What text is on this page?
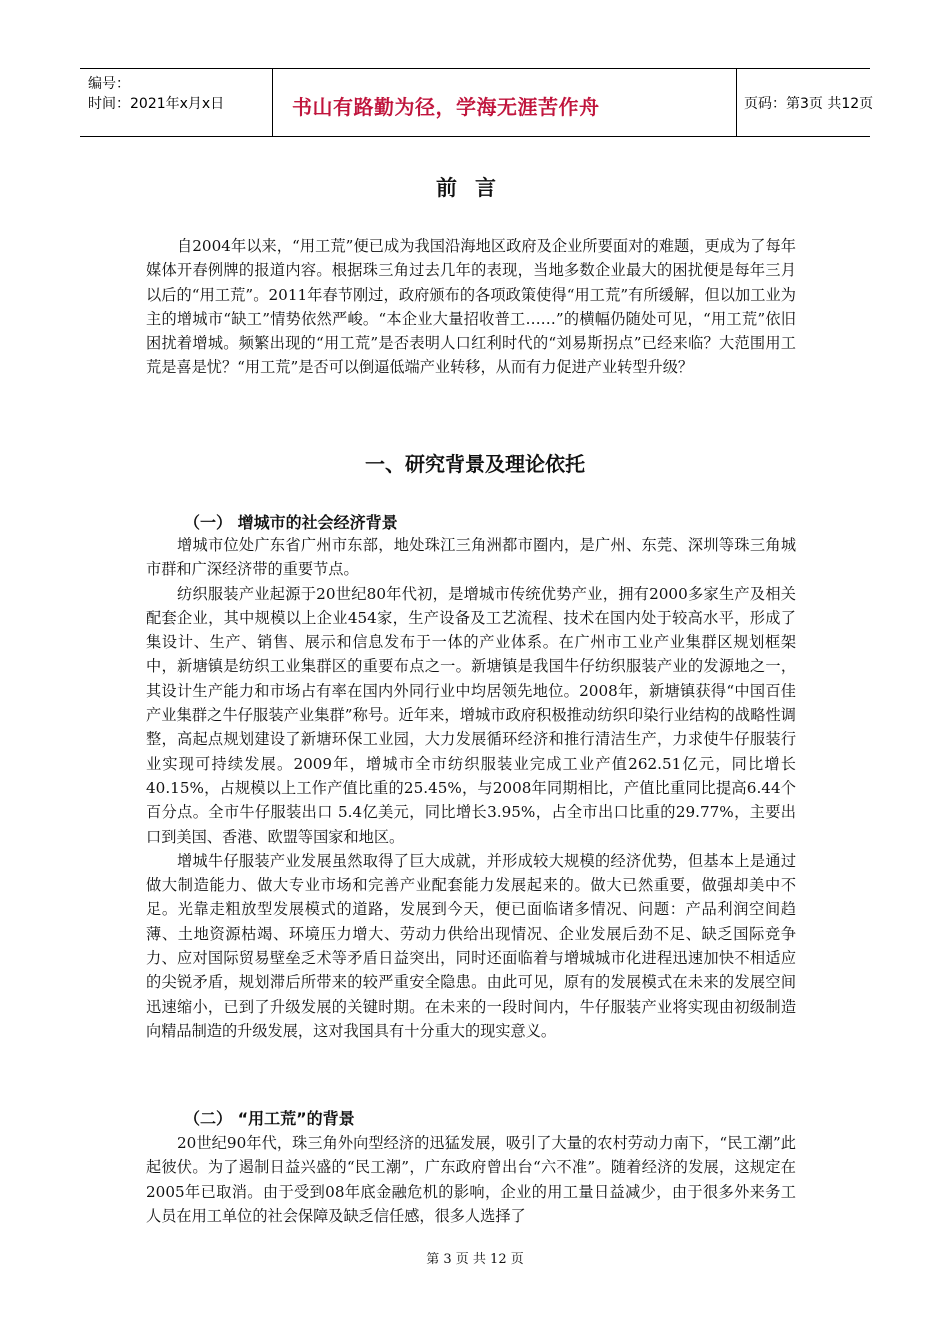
编号：
时间：2021年x月x日	书山有路勤为径，学海无涯苦作舟	页码：第3页 共12页
前言

自2004年以来，“用工荒”便已成为我国沿海地区政府及企业所要面对的难题，更成为了每年媒体开春例牌的报道内容。根据珠三角过去几年的表现，当地多数企业最大的困扰便是每年三月以后的“用工荒”。2011年春节刚过，政府颁布的各项政策使得“用工荒”有所缓解，但以加工业为主的增城市“缺工”情势依然严峻。“本企业大量招收普工……”的横幅仍随处可见，“用工荒”依旧困扰着增城。频繁出现的“用工荒”是否表明人口红利时代的“刘易斯拐点”已经来临？大范围用工荒是喜是忧？“用工荒”是否可以倒逼低端产业转移，从而有力促进产业转型升级？

一、研究背景及理论依托
（一） 增城市的社会经济背景

增城市位处广东省广州市东部，地处珠江三角洲都市圈内，是广州、东莞、深圳等珠三角城市群和广深经济带的重要节点。

纺织服装产业起源于20世纪80年代初，是增城市传统优势产业，拥有2000多家生产及相关配套企业，其中规模以上企业454家，生产设备及工艺流程、技术在国内处于较高水平，形成了集设计、生产、销售、展示和信息发布于一体的产业体系。在广州市工业产业集群区规划框架中，新塘镇是纺织工业集群区的重要布点之一。新塘镇是我国牛仔纺织服装产业的发源地之一，其设计生产能力和市场占有率在国内外同行业中均居领先地位。2008年，新塘镇获得“中国百佳产业集群之牛仔服装产业集群”称号。近年来，增城市政府积极推动纺织印染行业结构的战略性调整，高起点规划建设了新塘环保工业园，大力发展循环经济和推行清洁生产，力求使牛仔服装行业实现可持续发展。2009年，增城市全市纺织服装业完成工业产值262.51亿元，同比增长40.15%，占规模以上工作产值比重的25.45%，与2008年同期相比，产值比重同比提高6.44个百分点。全市牛仔服装出口 5.4亿美元，同比增长3.95%，占全市出口比重的29.77%，主要出口到美国、香港、欧盟等国家和地区。

增城牛仔服装产业发展虽然取得了巨大成就，并形成较大规模的经济优势，但基本上是通过做大制造能力、做大专业市场和完善产业配套能力发展起来的。做大已然重要，做强却美中不足。光靠走粗放型发展模式的道路，发展到今天，便已面临诸多情况、问题：产品利润空间趋薄、土地资源枯竭、环境压力增大、劳动力供给出现情况、企业发展后劲不足、缺乏国际竞争力、应对国际贸易壁垒乏术等矛盾日益突出，同时还面临着与增城城市化进程迅速加快不相适应的尖锐矛盾，规划滞后所带来的较严重安全隐患。由此可见，原有的发展模式在未来的发展空间迅速缩小，已到了升级发展的关键时期。在未来的一段时间内，牛仔服装产业将实现由初级制造向精品制造的升级发展，这对我国具有十分重大的现实意义。

（二） “用工荒”的背景

20世纪90年代，珠三角外向型经济的迅猛发展，吸引了大量的农村劳动力南下，“民工潮”此起彼伏。为了遏制日益兴盛的“民工潮”，广东政府曾出台“六不准”。随着经济的发展，这规定在2005年已取消。由于受到08年底金融危机的影响，企业的用工量日益减少，由于很多外来务工人员在用工单位的社会保障及缺乏信任感，很多人选择了

第 3 页 共 12 页
